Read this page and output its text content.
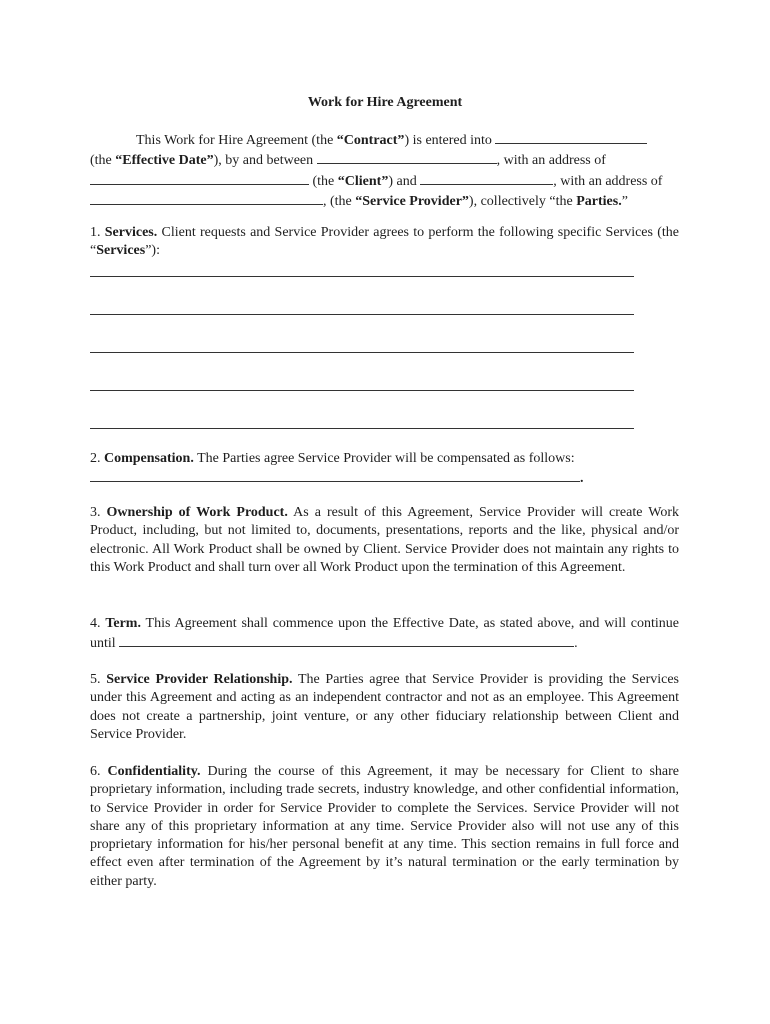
Work for Hire Agreement
This Work for Hire Agreement (the “Contract”) is entered into
(the “Effective Date”), by and between	, with an address of
(the “Client”) and	, with an address of
, (the “Service Provider”), collectively “the Parties.”
1. Services. Client requests and Service Provider agrees to perform the following specific Services (the “Services”):
2. Compensation. The Parties agree Service Provider will be compensated as follows:
.
3. Ownership of Work Product. As a result of this Agreement, Service Provider will create Work Product, including, but not limited to, documents, presentations, reports and the like, physical and/or electronic. All Work Product shall be owned by Client. Service Provider does not maintain any rights to this Work Product and shall turn over all Work Product upon the termination of this Agreement.
4. Term. This Agreement shall commence upon the Effective Date, as stated above, and will continue until	.
5. Service Provider Relationship. The Parties agree that Service Provider is providing the Services under this Agreement and acting as an independent contractor and not as an employee. This Agreement does not create a partnership, joint venture, or any other fiduciary relationship between Client and Service Provider.
6. Confidentiality. During the course of this Agreement, it may be necessary for Client to share proprietary information, including trade secrets, industry knowledge, and other confidential information, to Service Provider in order for Service Provider to complete the Services. Service Provider will not share any of this proprietary information at any time. Service Provider also will not use any of this proprietary information for his/her personal benefit at any time. This section remains in full force and effect even after termination of the Agreement by it’s natural termination or the early termination by either party.
